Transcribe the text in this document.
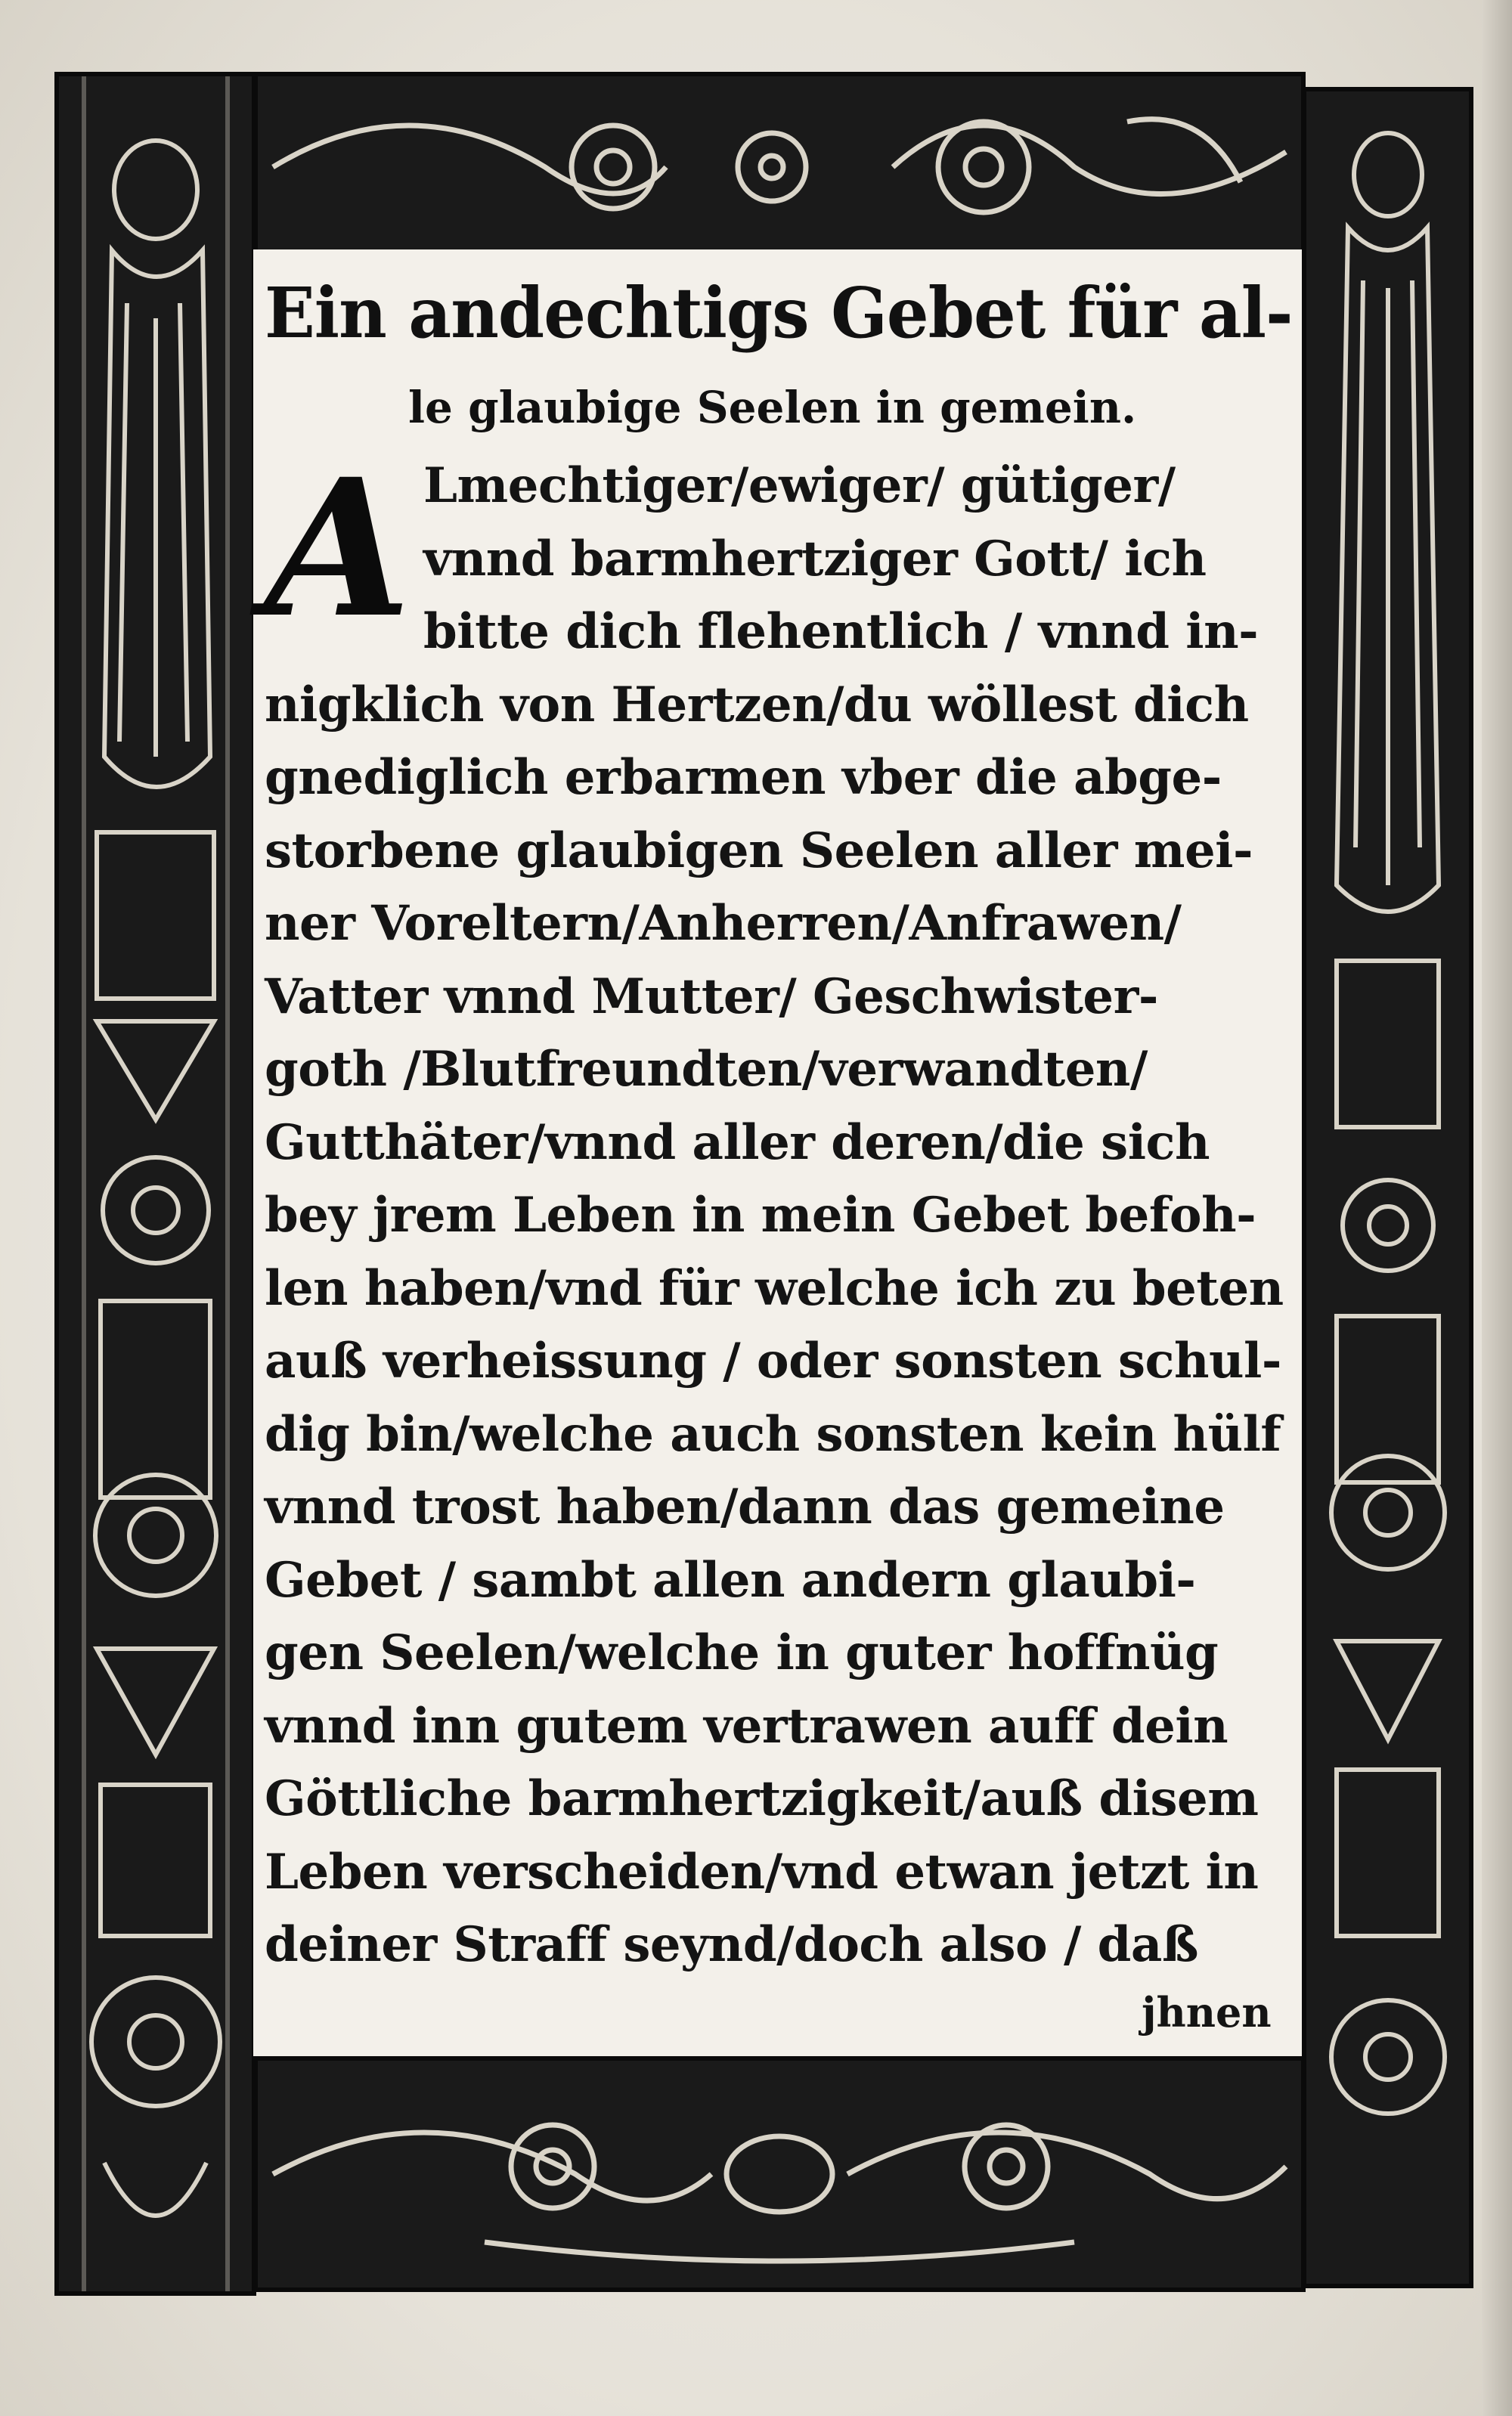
Ein andechtigs Gebet für al-
le glaubige Seelen in gemein.
A Lmechtiger/ewiger/ gütiger/
vnnd barmhertziger Gott/ ich
bitte dich flehentlich / vnnd in-
nigklich von Hertzen/du wöllest dich
gnediglich erbarmen vber die abge-
storbene glaubigen Seelen aller mei-
ner Voreltern/Anherren/Anfrawen/
Vatter vnnd Mutter/ Geschwister-
goth /Blutfreundten/verwandten/
Gutthäter/vnnd aller deren/die sich
bey jrem Leben in mein Gebet befoh-
len haben/vnd für welche ich zu beten
auß verheissung / oder sonsten schul-
dig bin/welche auch sonsten kein hülf
vnnd trost haben/dann das gemeine
Gebet / sambt allen andern glaubi-
gen Seelen/welche in guter hoffnüg
vnnd inn gutem vertrawen auff dein
Göttliche barmhertzigkeit/auß disem
Leben verscheiden/vnd etwan jetzt in
deiner Straff seynd/doch also / daß
jhnen
